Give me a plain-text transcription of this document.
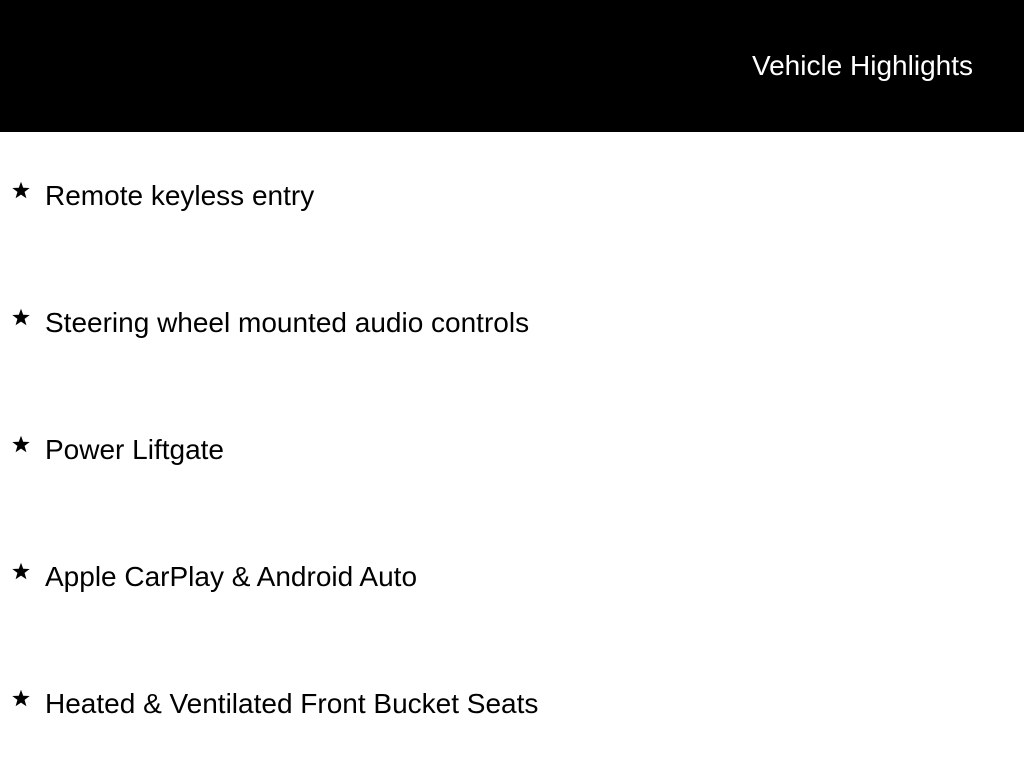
Vehicle Highlights
Remote keyless entry
Steering wheel mounted audio controls
Power Liftgate
Apple CarPlay & Android Auto
Heated & Ventilated Front Bucket Seats
